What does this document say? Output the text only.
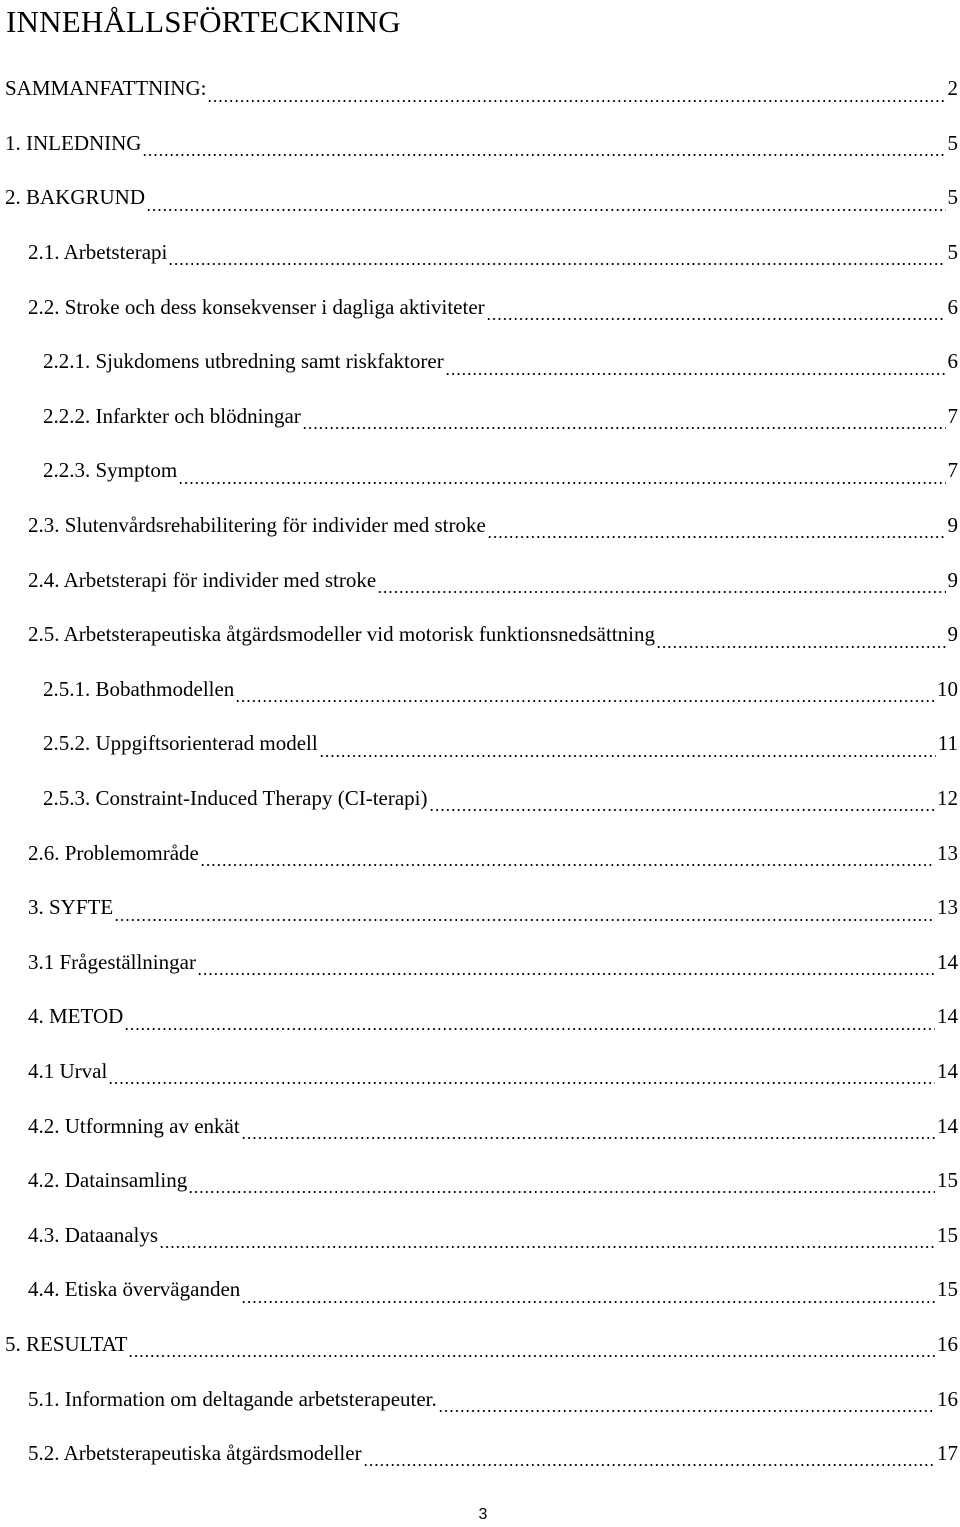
INNEHÅLLSFÖRTECKNING
SAMMANFATTNING:	2
1. INLEDNING	5
2. BAKGRUND	5
2.1. Arbetsterapi	5
2.2. Stroke och dess konsekvenser i dagliga aktiviteter	6
2.2.1. Sjukdomens utbredning samt riskfaktorer	6
2.2.2. Infarkter och blödningar	7
2.2.3. Symptom	7
2.3. Slutenvårdsrehabilitering för individer med stroke	9
2.4. Arbetsterapi för individer med stroke	9
2.5. Arbetsterapeutiska åtgärdsmodeller vid motorisk funktionsnedsättning	9
2.5.1. Bobathmodellen	10
2.5.2. Uppgiftsorienterad modell	11
2.5.3. Constraint-Induced Therapy (CI-terapi)	12
2.6. Problemområde	13
3. SYFTE	13
3.1 Frågeställningar	14
4. METOD	14
4.1 Urval	14
4.2. Utformning av enkät	14
4.2. Datainsamling	15
4.3. Dataanalys	15
4.4. Etiska överväganden	15
5. RESULTAT	16
5.1. Information om deltagande arbetsterapeuter.	16
5.2. Arbetsterapeutiska åtgärdsmodeller	17
3
